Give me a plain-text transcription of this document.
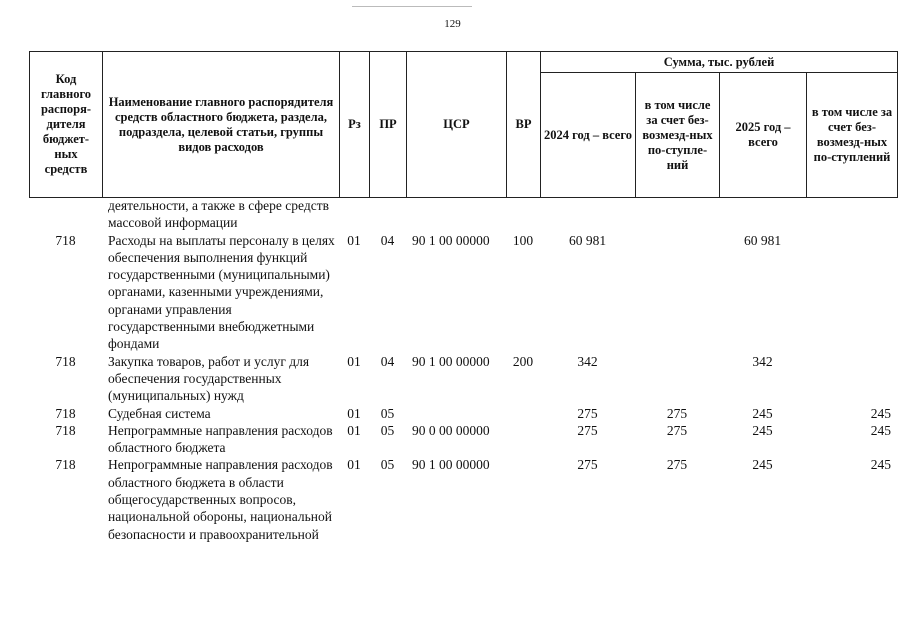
129
Код главного распоря-дителя бюджет-ных средств	Наименование главного распорядителя средств областного бюджета, раздела, подраздела, целевой статьи, группы видов расходов	Рз	ПР	ЦСР	ВР	Сумма, тыс. рублей			
						2024 год – всего	в том числе за счет без-возмезд-ных по-ступле-ний	2025 год – всего	в том числе за счет без-возмезд-ных по-ступлений
	деятельности, а также в сфере средств массовой информации								
718	Расходы на выплаты персоналу в целях обеспечения выполнения функций государственными (муниципальными) органами, казенными учреждениями, органами управления государственными внебюджетными фондами	01	04	90 1 00 00000	100	60 981		60 981	
718	Закупка товаров, работ и услуг для обеспечения государственных (муниципальных) нужд	01	04	90 1 00 00000	200	342		342	
718	Судебная система	01	05			275	275	245	245
718	Непрограммные направления расходов областного бюджета	01	05	90 0 00 00000		275	275	245	245
718	Непрограммные направления расходов областного бюджета в области общегосударственных вопросов, национальной обороны, национальной безопасности и правоохранительной	01	05	90 1 00 00000		275	275	245	245
